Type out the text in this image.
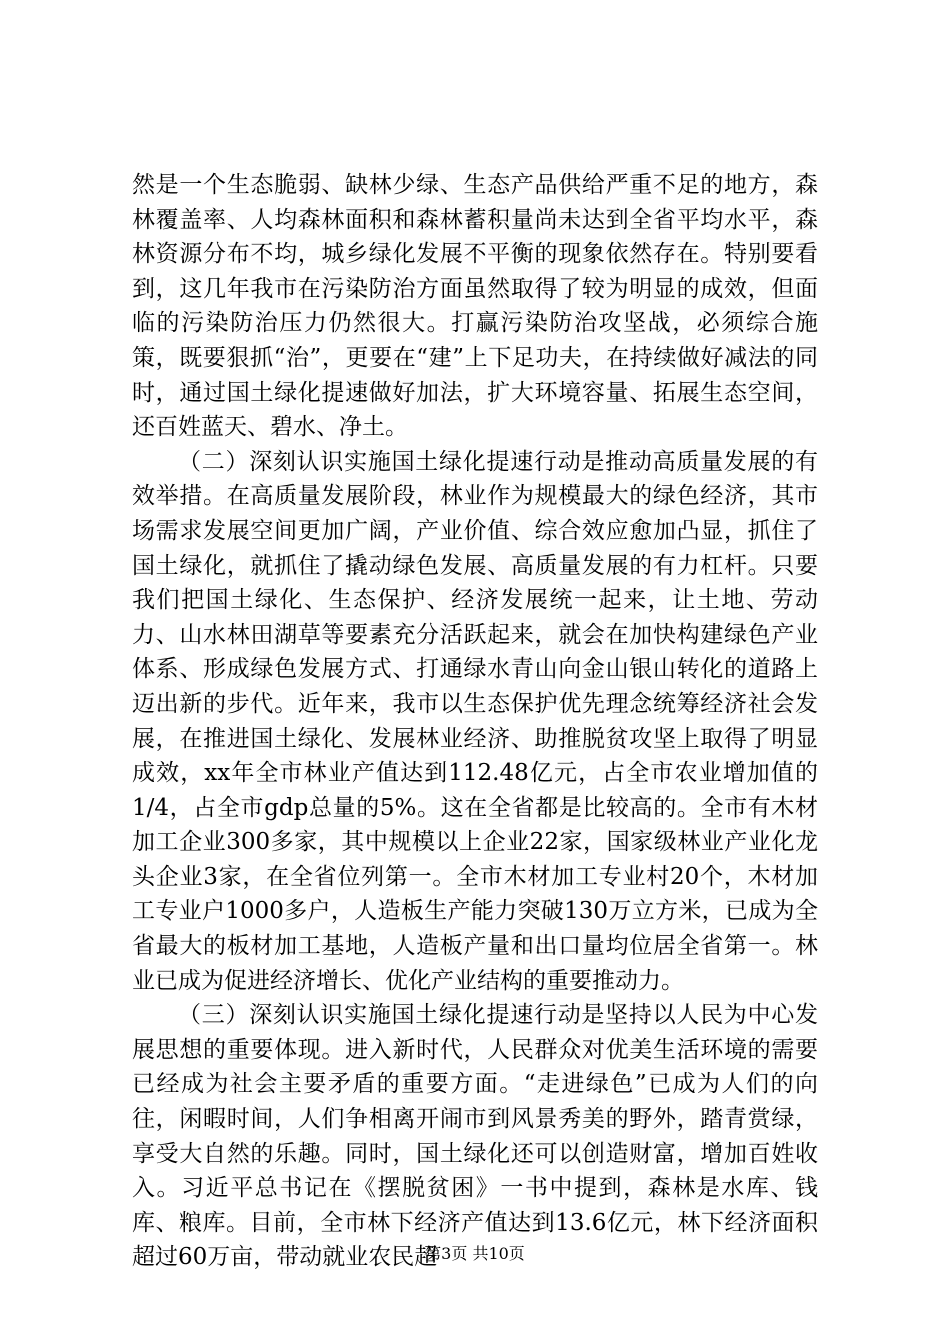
然是一个生态脆弱、缺林少绿、生态产品供给严重不足的地方，森林覆盖率、人均森林面积和森林蓄积量尚未达到全省平均水平，森林资源分布不均，城乡绿化发展不平衡的现象依然存在。特别要看到，这几年我市在污染防治方面虽然取得了较为明显的成效，但面临的污染防治压力仍然很大。打赢污染防治攻坚战，必须综合施策，既要狠抓“治”，更要在“建”上下足功夫，在持续做好减法的同时，通过国土绿化提速做好加法，扩大环境容量、拓展生态空间，还百姓蓝天、碧水、净土。

（二）深刻认识实施国土绿化提速行动是推动高质量发展的有效举措。在高质量发展阶段，林业作为规模最大的绿色经济，其市场需求发展空间更加广阔，产业价值、综合效应愈加凸显，抓住了国土绿化，就抓住了撬动绿色发展、高质量发展的有力杠杆。只要我们把国土绿化、生态保护、经济发展统一起来，让土地、劳动力、山水林田湖草等要素充分活跃起来，就会在加快构建绿色产业体系、形成绿色发展方式、打通绿水青山向金山银山转化的道路上迈出新的步代。近年来，我市以生态保护优先理念统筹经济社会发展，在推进国土绿化、发展林业经济、助推脱贫攻坚上取得了明显成效，xx年全市林业产值达到112.48亿元，占全市农业增加值的1/4，占全市gdp总量的5%。这在全省都是比较高的。全市有木材加工企业300多家，其中规模以上企业22家，国家级林业产业化龙头企业3家，在全省位列第一。全市木材加工专业村20个，木材加工专业户1000多户，人造板生产能力突破130万立方米，已成为全省最大的板材加工基地，人造板产量和出口量均位居全省第一。林业已成为促进经济增长、优化产业结构的重要推动力。

（三）深刻认识实施国土绿化提速行动是坚持以人民为中心发展思想的重要体现。进入新时代，人民群众对优美生活环境的需要已经成为社会主要矛盾的重要方面。“走进绿色”已成为人们的向往，闲暇时间，人们争相离开闹市到风景秀美的野外，踏青赏绿，享受大自然的乐趣。同时，国土绿化还可以创造财富，增加百姓收入。习近平总书记在《摆脱贫困》一书中提到，森林是水库、钱库、粮库。目前，全市林下经济产值达到13.6亿元，林下经济面积超过60万亩，带动就业农民超

第3页 共10页
